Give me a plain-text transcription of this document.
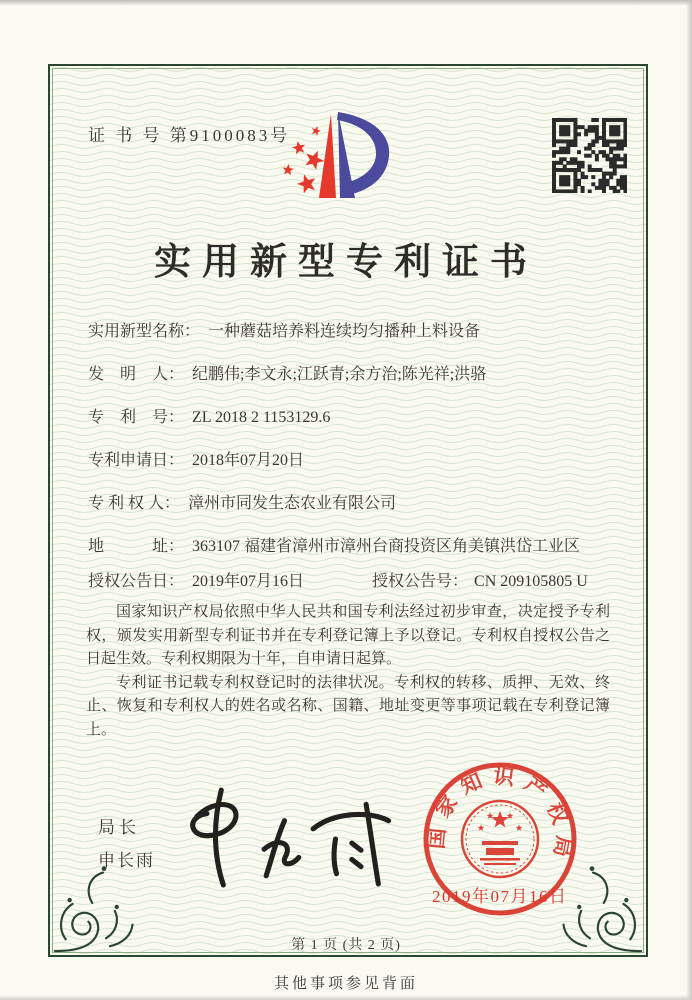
证 书 号 第9100083号
实用新型专利证书
实用新型名称： 一种蘑菇培养料连续均匀播种上料设备
发　明　人： 纪鹏伟;李文永;江跃青;余方治;陈光祥;洪骆
专　利　号： ZL 2018 2 1153129.6
专利申请日： 2018年07月20日
专 利 权 人： 漳州市同发生态农业有限公司
地　　　址： 363107 福建省漳州市漳州台商投资区角美镇洪岱工业区
授权公告日： 2019年07月16日	授权公告号： CN 209105805 U

国家知识产权局依照中华人民共和国专利法经过初步审查，决定授予专利权，颁发实用新型专利证书并在专利登记簿上予以登记。专利权自授权公告之日起生效。专利权期限为十年，自申请日起算。

专利证书记载专利权登记时的法律状况。专利权的转移、质押、无效、终止、恢复和专利权人的姓名或名称、国籍、地址变更等事项记载在专利登记簿上。

局长
申长雨
国家知识产权局
2019年07月16日
第 1 页 (共 2 页)
其他事项参见背面
